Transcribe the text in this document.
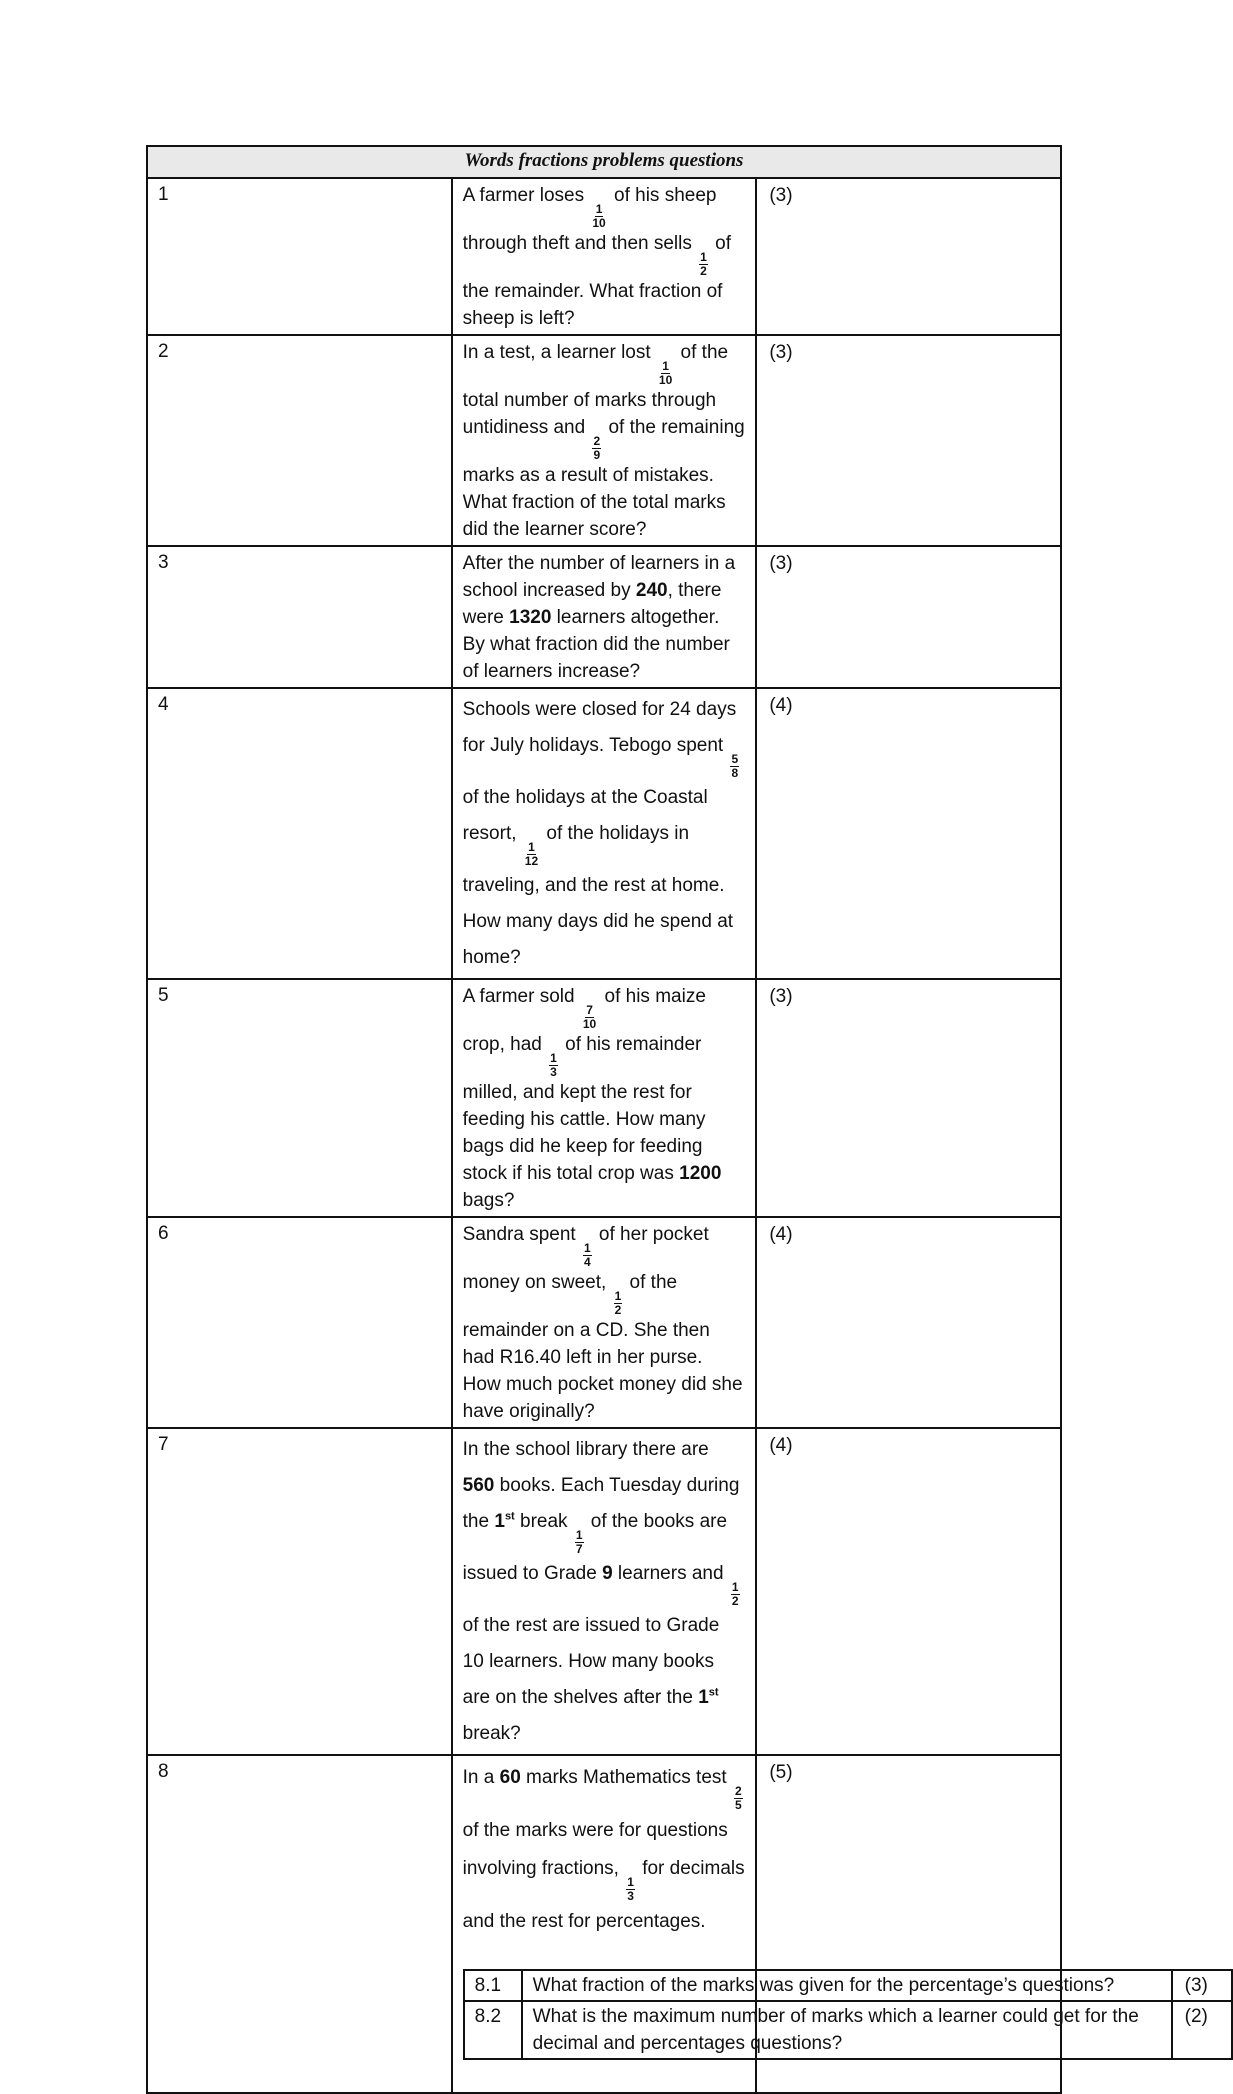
Words fractions problems questions
1	A farmer loses
$\frac{1}{10}$
of his sheep through theft and then sells
$\frac{1}{2}$
of the remainder. What fraction of sheep is left?	(3)
2	In a test, a learner lost
$\frac{1}{10}$
of the total number of marks through untidiness and
$\frac{2}{9}$
of the remaining marks as a result of mistakes. What fraction of the total marks did the learner score?	(3)
3	After the number of learners in a school increased by 240, there were 1320 learners altogether. By what fraction did the number of learners increase?	(3)
4	Schools were closed for 24 days for July holidays. Tebogo spent
$\frac{5}{8}$
of the holidays at the Coastal resort,
$\frac{1}{12}$
of the holidays in traveling, and the rest at home. How many days did he spend at home?	(4)
5	A farmer sold
$\frac{7}{10}$
of his maize crop, had
$\frac{1}{3}$
of his remainder milled, and kept the rest for feeding his cattle. How many bags did he keep for feeding stock if his total crop was 1200 bags?	(3)
6	Sandra spent
$\frac{1}{4}$
of her pocket money on sweet,
$\frac{1}{2}$
of the remainder on a CD. She then had R16.40 left in her purse. How much pocket money did she have originally?	(4)
7	In the school library there are 560 books. Each Tuesday during the 1st break
$\frac{1}{7}$
of the books are issued to Grade 9 learners and
$\frac{1}{2}$
of the rest are issued to Grade 10 learners. How many books are on the shelves after the 1st break?	(4)
8	In a 60 marks Mathematics test
$\frac{2}{5}$
of the marks were for questions involving fractions,
$\frac{1}{3}$
for decimals and the rest for percentages.
8.1	What fraction of the marks was given for the percentage’s questions?	(3)
8.2	What is the maximum number of marks which a learner could get for the decimal and percentages questions?	(2)
	(5)
